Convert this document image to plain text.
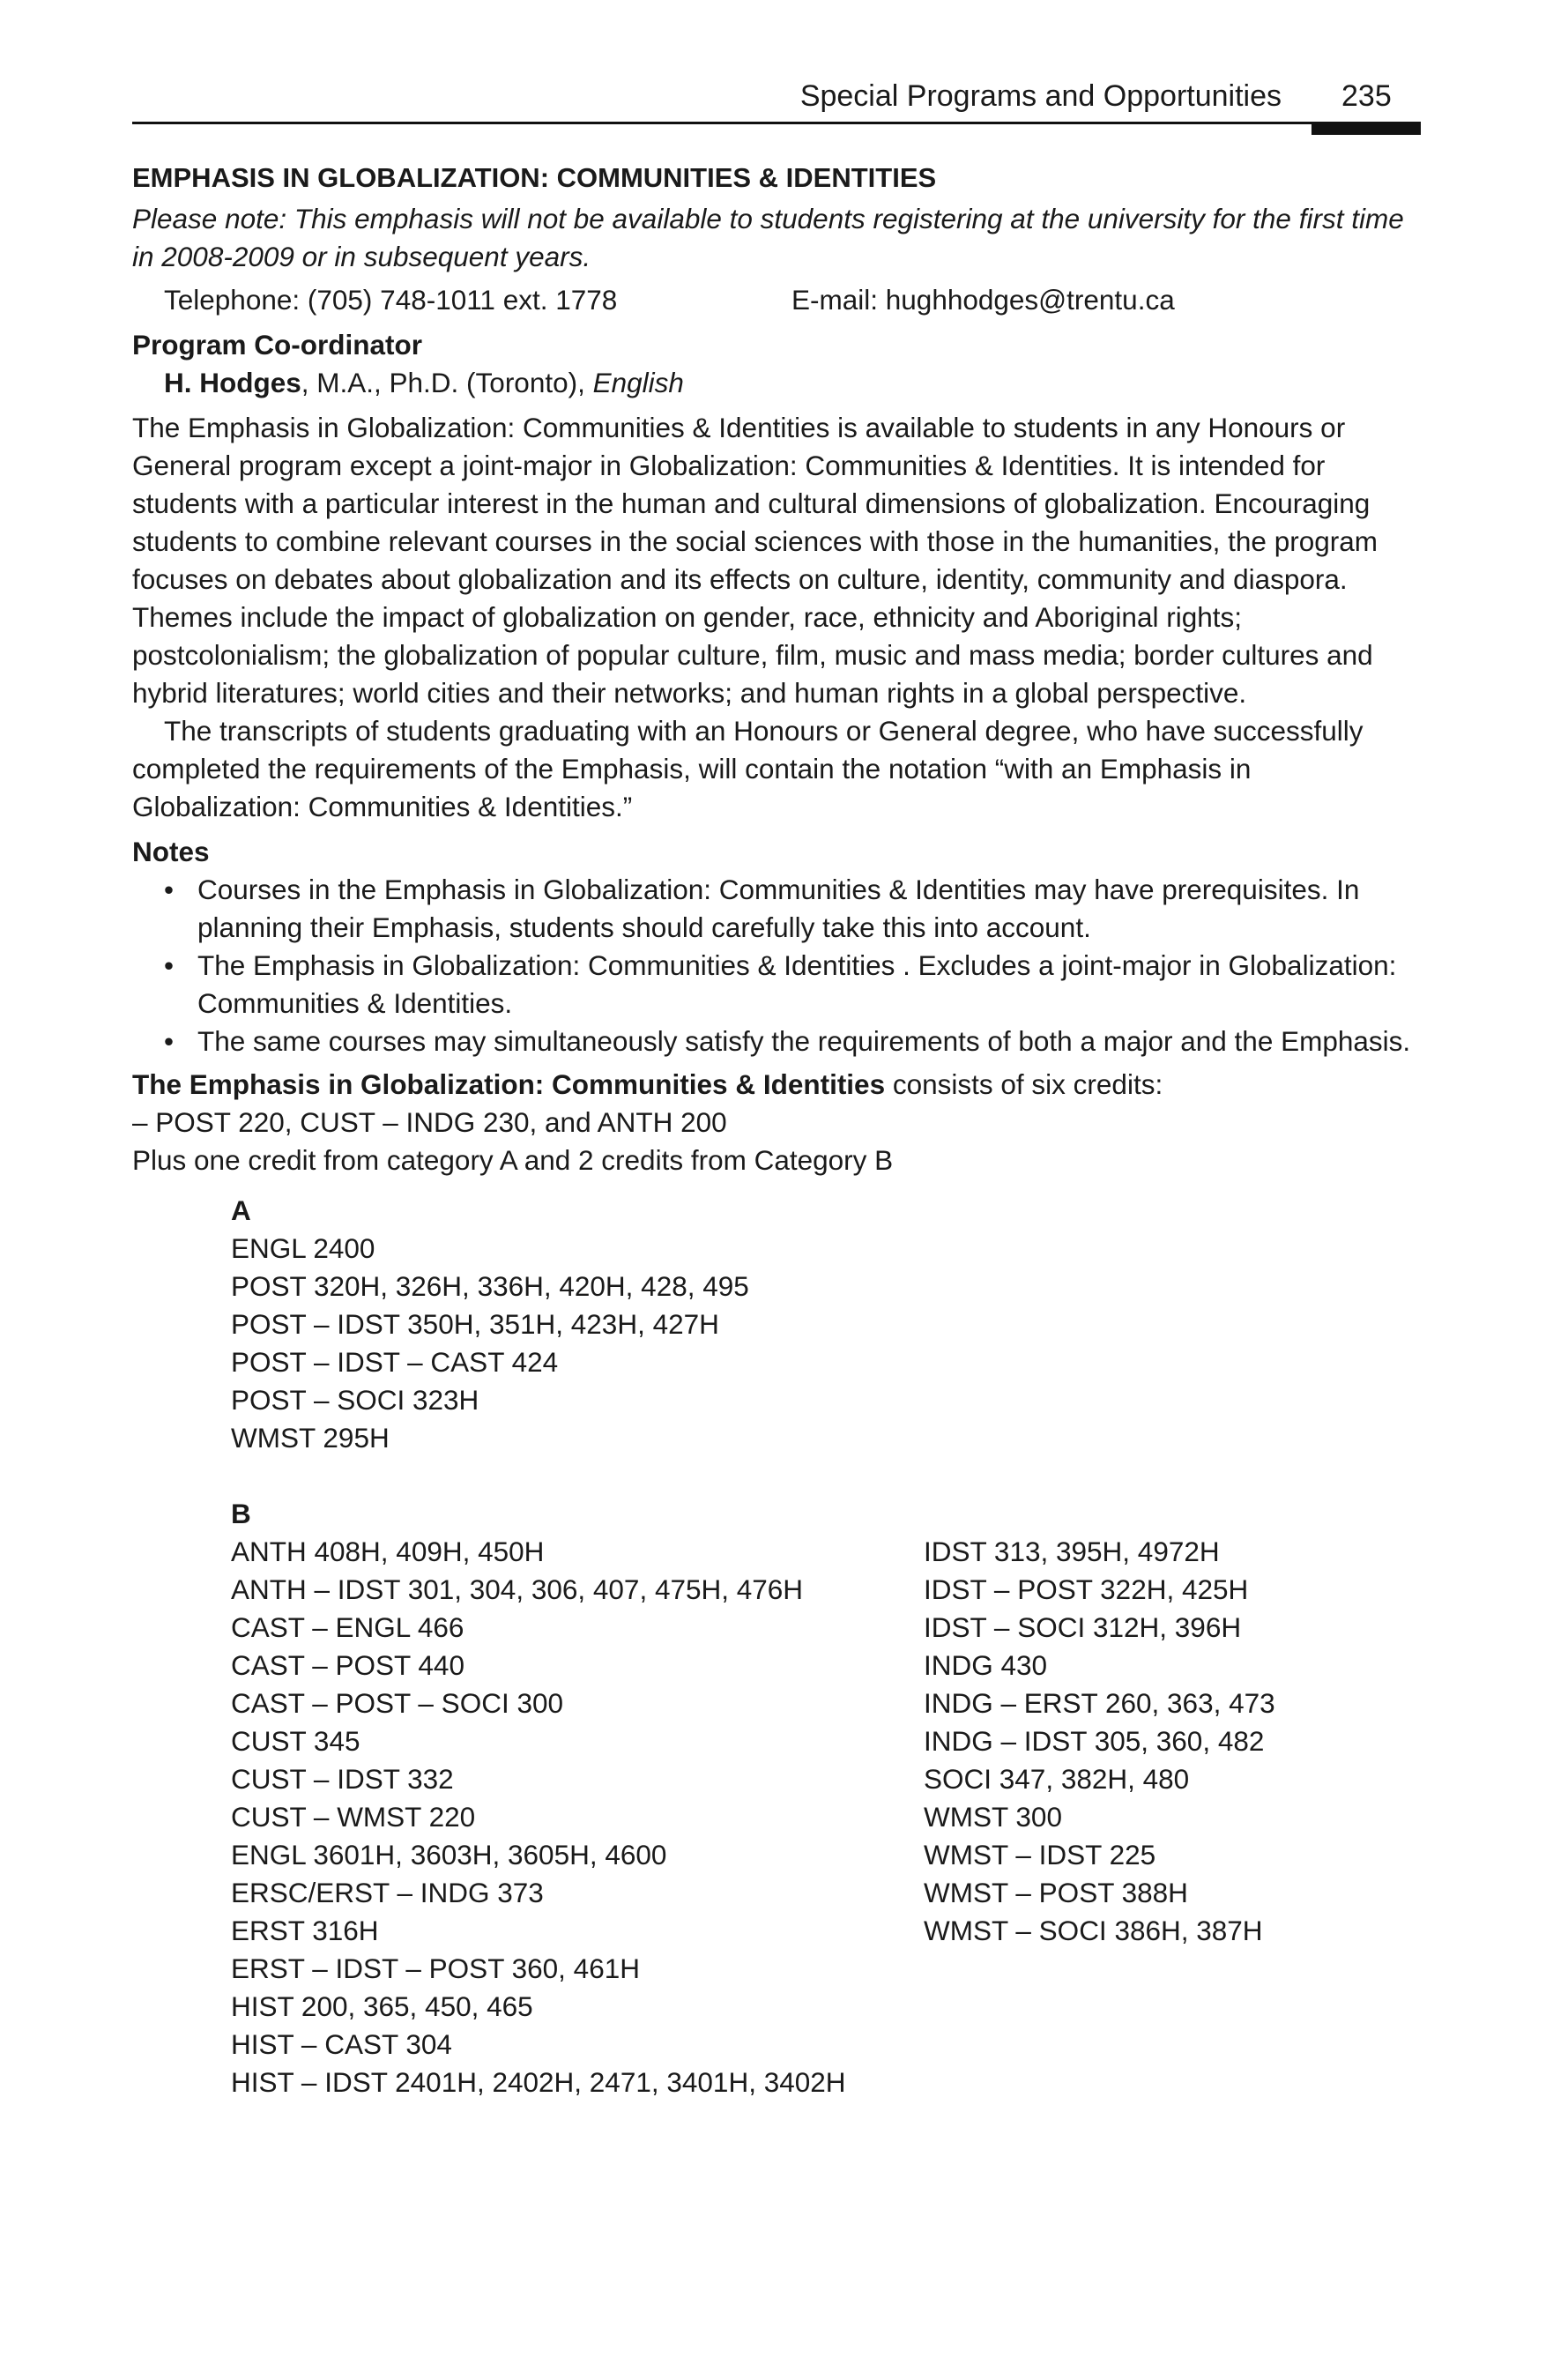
Special Programs and Opportunities 235
EMPHASIS IN GLOBALIZATION: COMMUNITIES & IDENTITIES

Please note: This emphasis will not be available to students registering at the university for the first time in 2008-2009 or in subsequent years.

Telephone: (705) 748-1011 ext. 1778	E-mail: hughhodges@trentu.ca
Program Co-ordinator
H. Hodges, M.A., Ph.D. (Toronto), English

The Emphasis in Globalization: Communities & Identities is available to students in any Honours or General program except a joint-major in Globalization: Communities & Identities. It is intended for students with a particular interest in the human and cultural dimensions of globalization. Encouraging students to combine relevant courses in the social sciences with those in the humanities, the program focuses on debates about globalization and its effects on culture, identity, community and diaspora. Themes include the impact of globalization on gender, race, ethnicity and Aboriginal rights; postcolonialism; the globalization of popular culture, film, music and mass media; border cultures and hybrid literatures; world cities and their networks; and human rights in a global perspective.

The transcripts of students graduating with an Honours or General degree, who have successfully completed the requirements of the Emphasis, will contain the notation “with an Emphasis in Globalization: Communities & Identities.”

Notes
• Courses in the Emphasis in Globalization: Communities & Identities may have prerequisites. In planning their Emphasis, students should carefully take this into account.
• The Emphasis in Globalization: Communities & Identities . Excludes a joint-major in Globalization: Communities & Identities.
• The same courses may simultaneously satisfy the requirements of both a major and the Emphasis.

The Emphasis in Globalization: Communities & Identities consists of six credits:

– POST 220, CUST – INDG 230, and ANTH 200
Plus one credit from category A and 2 credits from Category B
A
ENGL 2400
POST 320H, 326H, 336H, 420H, 428, 495
POST – IDST 350H, 351H, 423H, 427H
POST – IDST – CAST 424
POST – SOCI 323H
WMST 295H
B
ANTH 408H, 409H, 450H
ANTH – IDST 301, 304, 306, 407, 475H, 476H
CAST – ENGL 466
CAST – POST 440
CAST – POST – SOCI 300
CUST 345
CUST – IDST 332
CUST – WMST 220
ENGL 3601H, 3603H, 3605H, 4600
ERSC/ERST – INDG 373
ERST 316H
ERST – IDST – POST 360, 461H
HIST 200, 365, 450, 465
HIST – CAST 304
HIST – IDST 2401H, 2402H, 2471, 3401H, 3402H
IDST 313, 395H, 4972H
IDST – POST 322H, 425H
IDST – SOCI 312H, 396H
INDG 430
INDG – ERST 260, 363, 473
INDG – IDST 305, 360, 482
SOCI 347, 382H, 480
WMST 300
WMST – IDST 225
WMST – POST 388H
WMST – SOCI 386H, 387H
